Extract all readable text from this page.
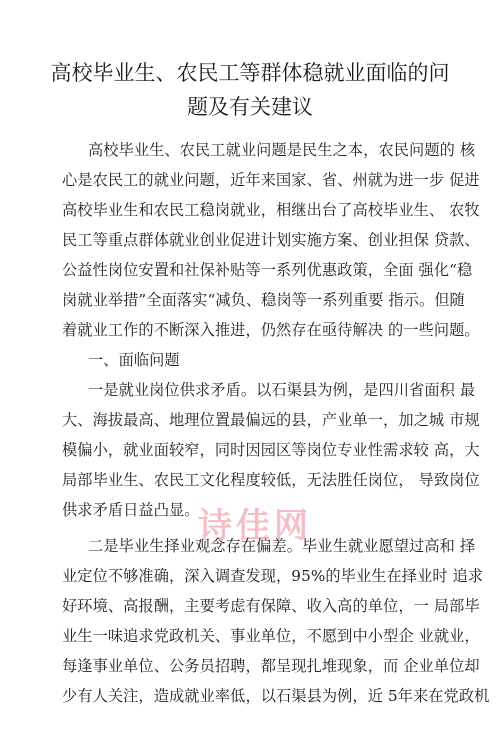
高校毕业生、农民工等群体稳就业面临的问
题及有关建议
高校毕业生、农民工就业问题是民生之本，农民问题的 核
心是农民工的就业问题，近年来国家、省、州就为进一步 促进
高校毕业生和农民工稳岗就业，相继出台了高校毕业生、 农牧
民工等重点群体就业创业促进计划实施方案、创业担保 贷款、
公益性岗位安置和社保补贴等一系列优惠政策，全面 强化“稳
岗就业举措”全面落实“减负、稳岗等一系列重要 指示。但随
着就业工作的不断深入推进，仍然存在亟待解决 的一些问题。
一、面临问题
一是就业岗位供求矛盾。以石渠县为例，是四川省面积 最
大、海拔最高、地理位置最偏远的县，产业单一，加之城 市规
模偏小，就业面较窄，同时因园区等岗位专业性需求较 高，大
局部毕业生、农民工文化程度较低，无法胜任岗位， 导致岗位
供求矛盾日益凸显。
二是毕业生择业观念存在偏差。毕业生就业愿望过高和 择
业定位不够准确，深入调查发现，95%的毕业生在择业时 追求
好环境、高报酬，主要考虑有保障、收入高的单位，一 局部毕
业生一味追求党政机关、事业单位，不愿到中小型企 业就业，
每逢事业单位、公务员招聘，都呈现扎堆现象，而 企业单位却
少有人关注，造成就业率低，以石渠县为例，近 5年来在党政机
诗佳网
